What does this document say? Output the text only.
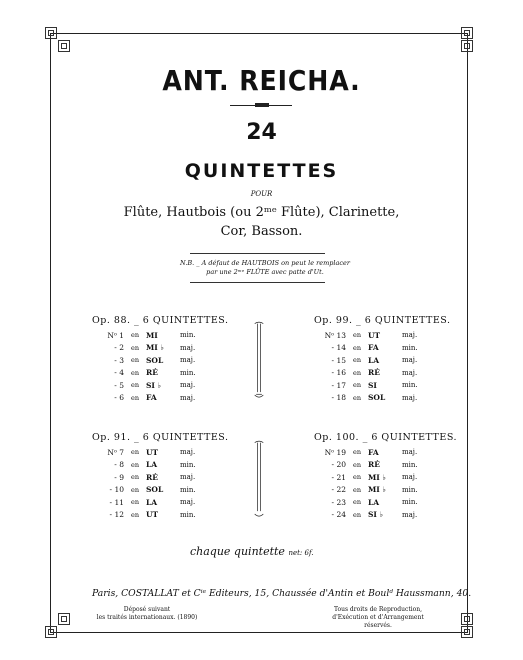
ANT. REICHA.
24
QUINTETTES
POUR
Flûte, Hautbois (ou 2ᵐᵉ Flûte), Clarinette,
Cor, Basson.
N.B. _ A défaut de HAUTBOIS on peut le remplacer
par une 2ᵐᵉ FLÛTE avec patte d'Ut.
Op. 88. _ 6 QUINTETTES.
Nᵒ 1	en MI	min.
- 2	en MI ♭	maj.
- 3	en SOL	maj.
- 4	en RÉ	min.
- 5	en SI ♭	maj.
- 6	en FA	maj.
Op. 99. _ 6 QUINTETTES.
Nᵒ 13	en UT	maj.
- 14	en FA	min.
- 15	en LA	maj.
- 16	en RÉ	maj.
- 17	en SI	min.
- 18	en SOL	maj.
Op. 91. _ 6 QUINTETTES.
Nᵒ 7	en UT	maj.
- 8	en LA	min.
- 9	en RÉ	maj.
- 10	en SOL	min.
- 11	en LA	maj.
- 12	en UT	min.
Op. 100. _ 6 QUINTETTES.
Nᵒ 19	en FA	maj.
- 20	en RÉ	min.
- 21	en MI ♭	maj.
- 22	en MI ♭	min.
- 23	en LA	min.
- 24	en SI ♭	maj.
chaque quintette net: 6f.
Paris, COSTALLAT et Cⁱᵉ Editeurs, 15, Chaussée d'Antin et Boulᵈ Haussmann, 40.
Déposé suivant
les traités internationaux. (1890)
Tous droits de Reproduction,
d'Exécution et d'Arrangement réservés.
